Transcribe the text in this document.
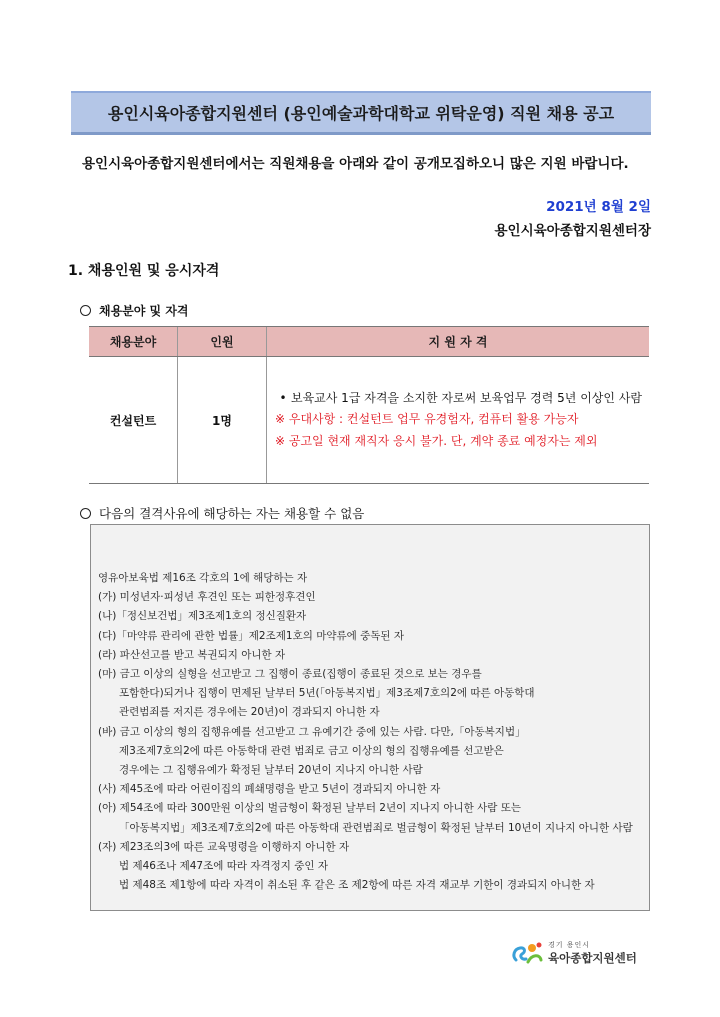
용인시육아종합지원센터 (용인예술과학대학교 위탁운영) 직원 채용 공고
용인시육아종합지원센터에서는 직원채용을 아래와 같이 공개모집하오니 많은 지원 바랍니다.
2021년 8월 2일
용인시육아종합지원센터장
1. 채용인원 및 응시자격
채용분야 및 자격
채용분야	인원	지 원 자 격
컨설턴트	1명	• 보육교사 1급 자격을 소지한 자로써 보육업무 경력 5년 이상인 사람
※ 우대사항 : 컨설턴트 업무 유경험자, 컴퓨터 활용 가능자
※ 공고일 현재 재직자 응시 불가. 단, 계약 종료 예정자는 제외
다음의 결격사유에 해당하는 자는 채용할 수 없음
영유아보육법 제16조 각호의 1에 해당하는 자
(가) 미성년자·피성년 후견인 또는 피한정후견인
(나)「정신보건법」제3조제1호의 정신질환자
(다)「마약류 관리에 관한 법률」제2조제1호의 마약류에 중독된 자
(라) 파산선고를 받고 복권되지 아니한 자
(마) 금고 이상의 실형을 선고받고 그 집행이 종료(집행이 종료된 것으로 보는 경우를
포함한다)되거나 집행이 면제된 날부터 5년(「아동복지법」제3조제7호의2에 따른 아동학대
관련범죄를 저지른 경우에는 20년)이 경과되지 아니한 자
(바) 금고 이상의 형의 집행유예를 선고받고 그 유예기간 중에 있는 사람. 다만,「아동복지법」
제3조제7호의2에 따른 아동학대 관련 범죄로 금고 이상의 형의 집행유예를 선고받은
경우에는 그 집행유예가 확정된 날부터 20년이 지나지 아니한 사람
(사) 제45조에 따라 어린이집의 폐쇄명령을 받고 5년이 경과되지 아니한 자
(아) 제54조에 따라 300만원 이상의 벌금형이 확정된 날부터 2년이 지나지 아니한 사람 또는
「아동복지법」제3조제7호의2에 따른 아동학대 관련범죄로 벌금형이 확정된 날부터 10년이 지나지 아니한 사람
(자) 제23조의3에 따른 교육명령을 이행하지 아니한 자
법 제46조나 제47조에 따라 자격정지 중인 자
법 제48조 제1항에 따라 자격이 취소된 후 같은 조 제2항에 따른 자격 재교부 기한이 경과되지 아니한 자
경기 용인시
육아종합지원센터
